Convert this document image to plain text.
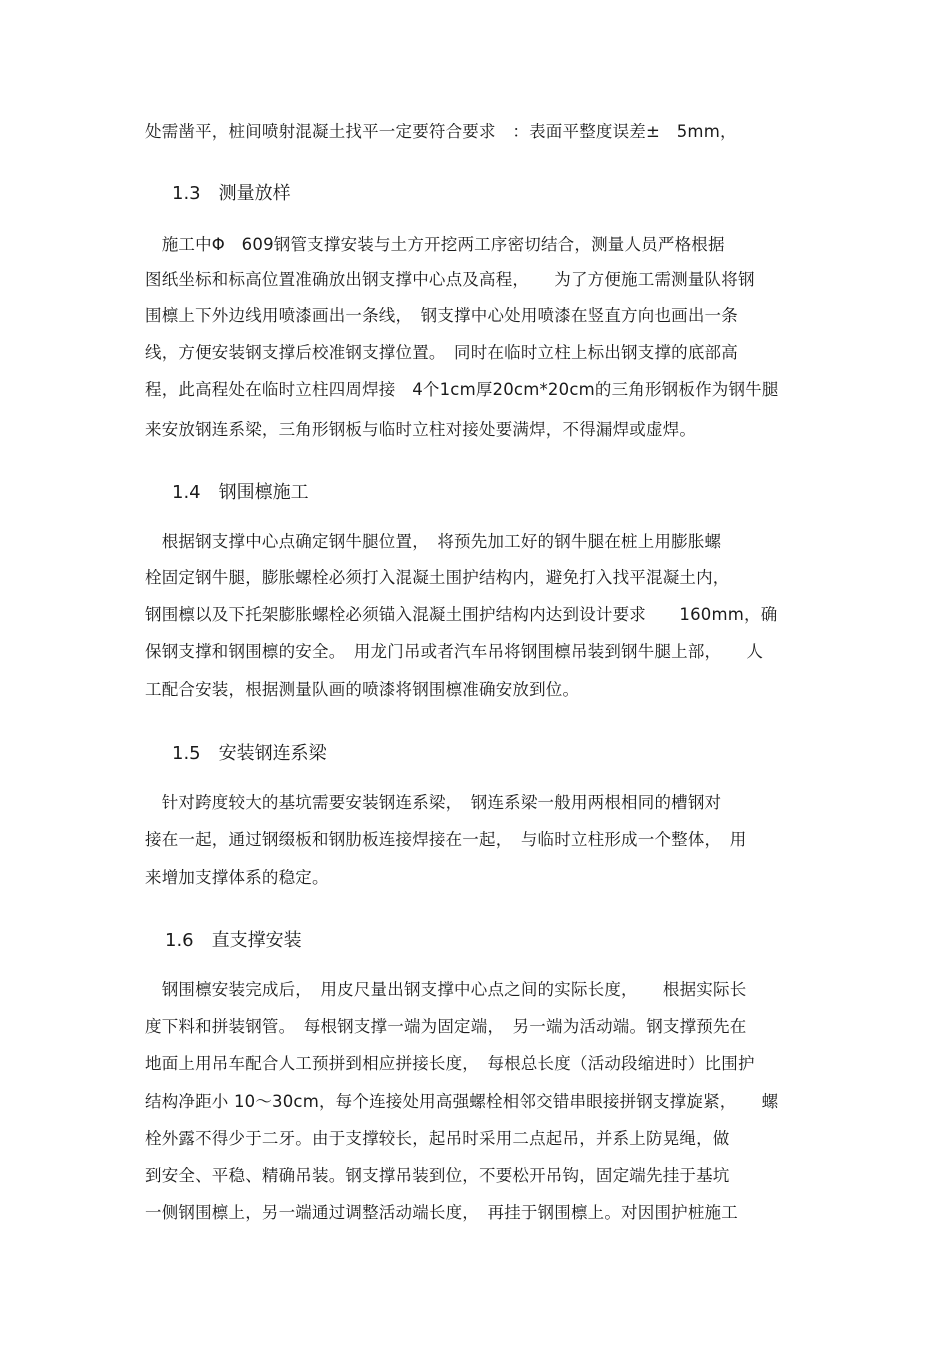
处需凿平，桩间喷射混凝土找平一定要符合要求　：表面平整度误差±　5mm，
1.3 测量放样
　施工中Φ　609钢管支撑安装与土方开挖两工序密切结合，测量人员严格根据
图纸坐标和标高位置准确放出钢支撑中心点及高程，　　为了方便施工需测量队将钢
围檩上下外边线用喷漆画出一条线，　钢支撑中心处用喷漆在竖直方向也画出一条
线，方便安装钢支撑后校准钢支撑位置。　同时在临时立柱上标出钢支撑的底部高
程，此高程处在临时立柱四周焊接　4个1cm厚20cm*20cm的三角形钢板作为钢牛腿
来安放钢连系梁，三角形钢板与临时立柱对接处要满焊，不得漏焊或虚焊。
1.4 钢围檩施工
　根据钢支撑中心点确定钢牛腿位置，　将预先加工好的钢牛腿在桩上用膨胀螺
栓固定钢牛腿，膨胀螺栓必须打入混凝土围护结构内，避免打入找平混凝土内，
钢围檩以及下托架膨胀螺栓必须锚入混凝土围护结构内达到设计要求　　160mm，确
保钢支撑和钢围檩的安全。　用龙门吊或者汽车吊将钢围檩吊装到钢牛腿上部，　　人
工配合安装，根据测量队画的喷漆将钢围檩准确安放到位。
1.5 安装钢连系梁
　针对跨度较大的基坑需要安装钢连系梁，　钢连系梁一般用两根相同的槽钢对
接在一起，通过钢缀板和钢肋板连接焊接在一起，　与临时立柱形成一个整体，　用
来增加支撑体系的稳定。
1.6 直支撑安装
　钢围檩安装完成后，　用皮尺量出钢支撑中心点之间的实际长度，　　根据实际长
度下料和拼装钢管。　每根钢支撑一端为固定端，　另一端为活动端。钢支撑预先在
地面上用吊车配合人工预拼到相应拼接长度，　每根总长度（活动段缩进时）比围护
结构净距小 10～30cm，每个连接处用高强螺栓相邻交错串眼接拼钢支撑旋紧，　　螺
栓外露不得少于二牙。由于支撑较长，起吊时采用二点起吊，并系上防晃绳，做
到安全、平稳、精确吊装。钢支撑吊装到位，不要松开吊钩，固定端先挂于基坑
一侧钢围檩上，另一端通过调整活动端长度，　再挂于钢围檩上。对因围护桩施工
